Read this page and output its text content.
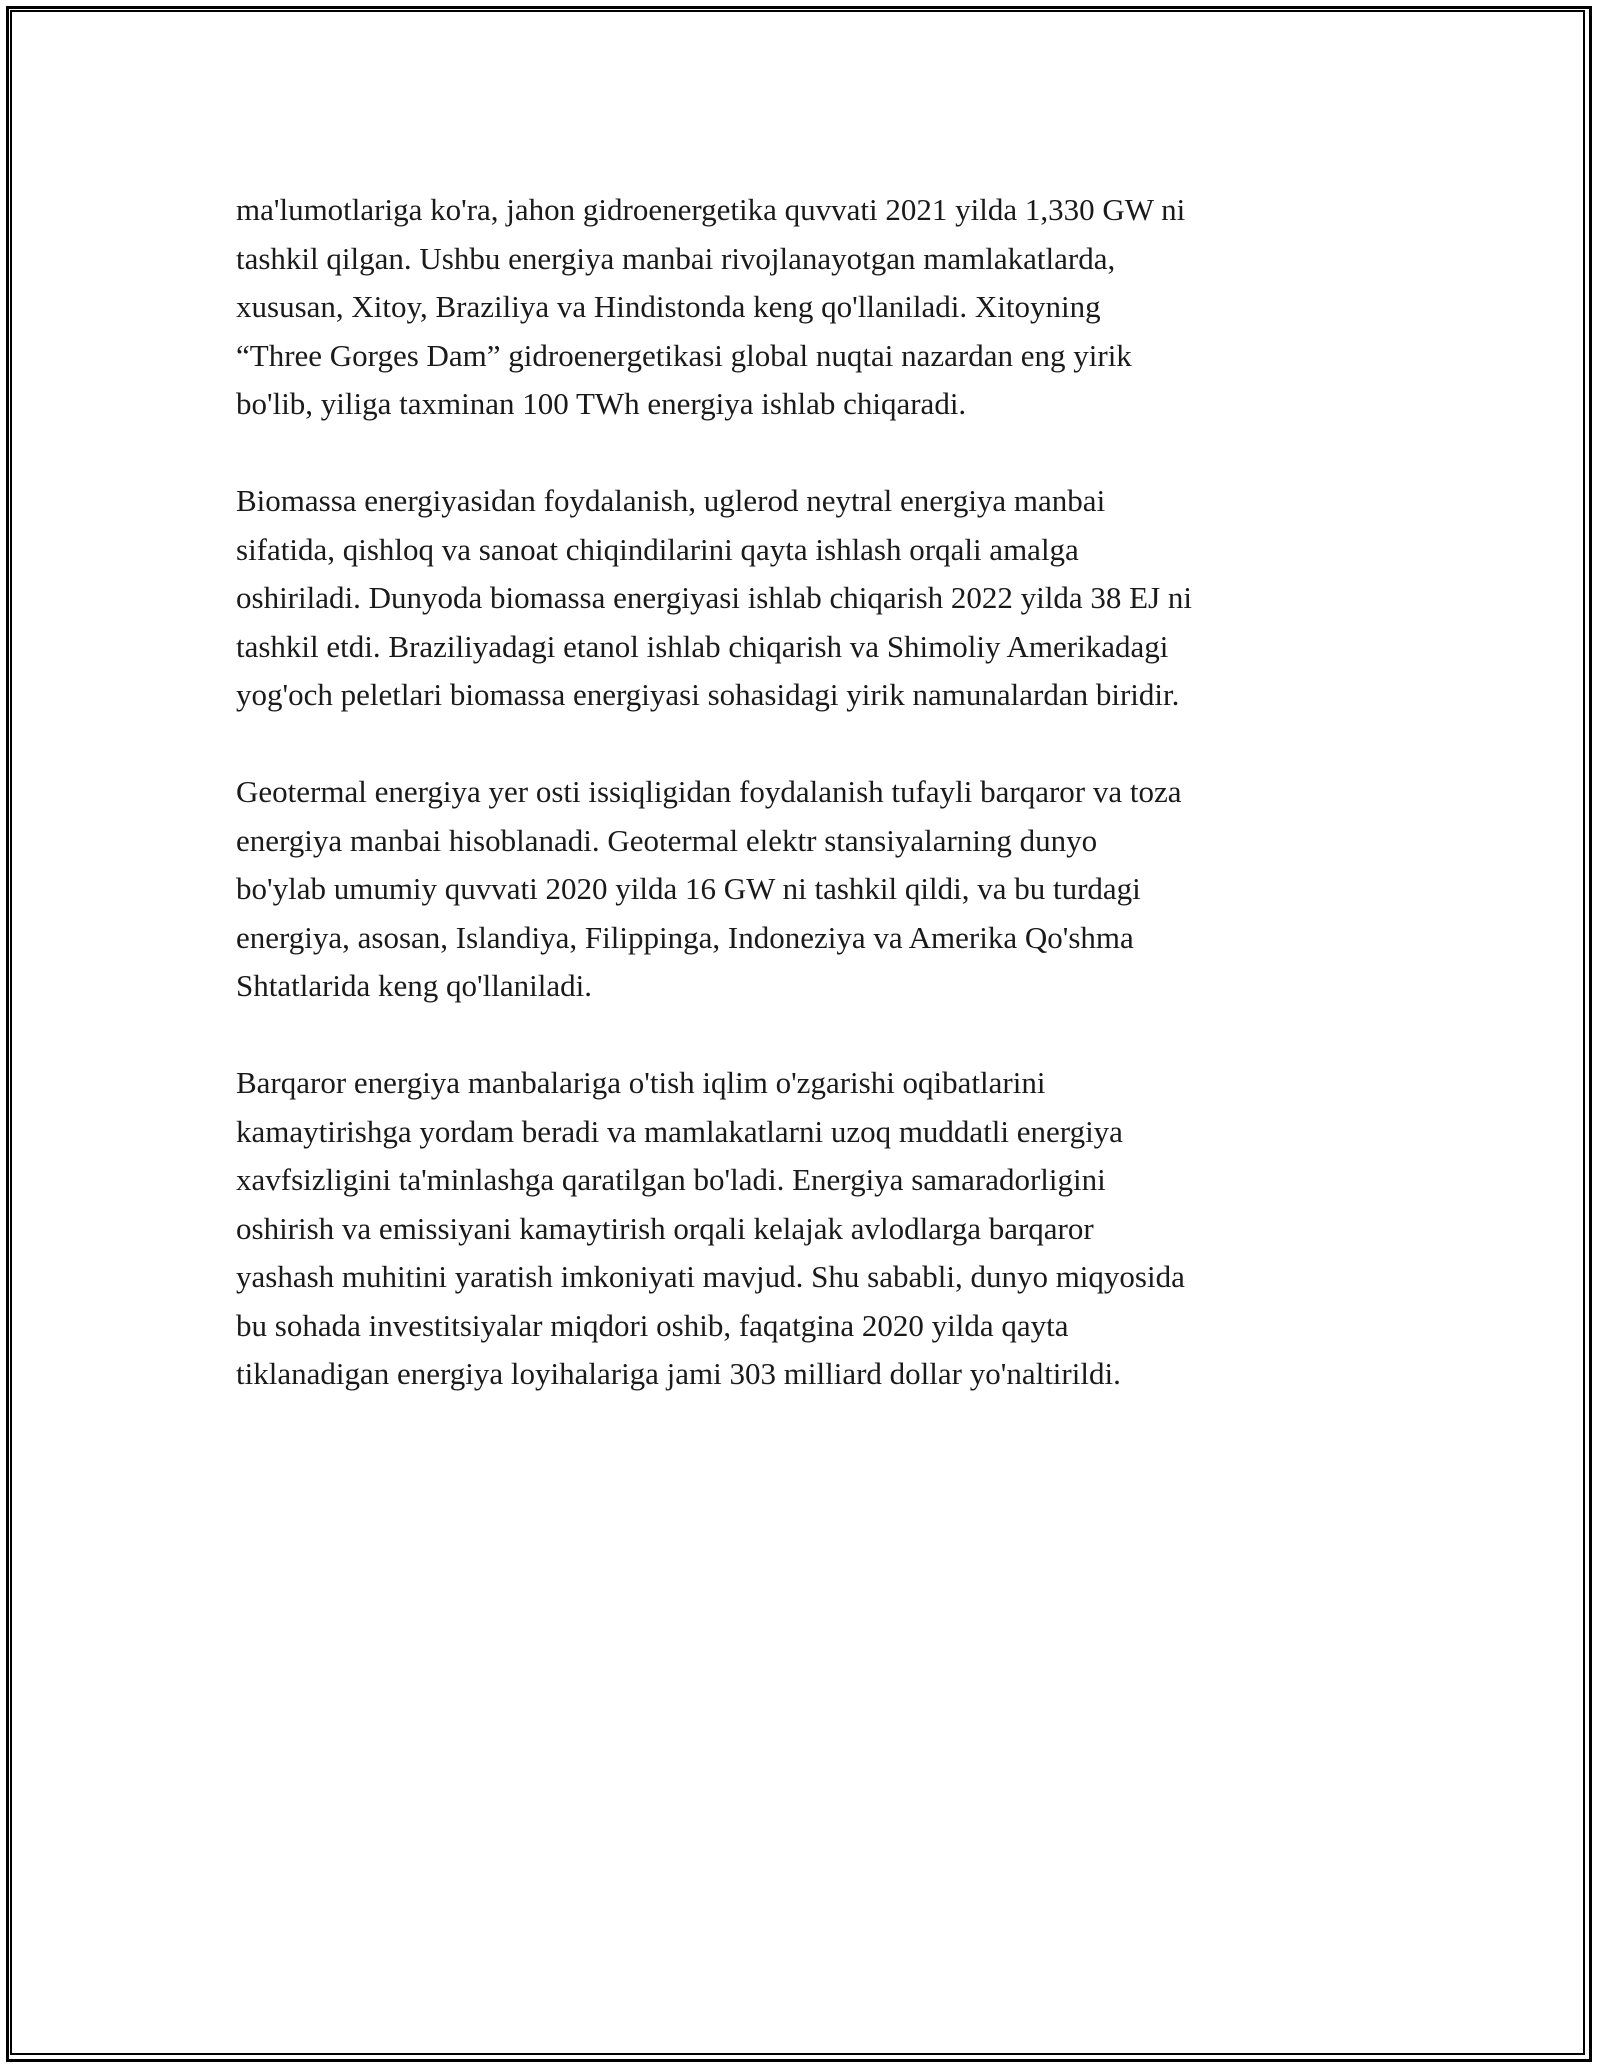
ma'lumotlariga ko'ra, jahon gidroenergetika quvvati 2021 yilda 1,330 GW ni
tashkil qilgan. Ushbu energiya manbai rivojlanayotgan mamlakatlarda,
xususan, Xitoy, Braziliya va Hindistonda keng qo'llaniladi. Xitoyning
“Three Gorges Dam” gidroenergetikasi global nuqtai nazardan eng yirik
bo'lib, yiliga taxminan 100 TWh energiya ishlab chiqaradi.

Biomassa energiyasidan foydalanish, uglerod neytral energiya manbai
sifatida, qishloq va sanoat chiqindilarini qayta ishlash orqali amalga
oshiriladi. Dunyoda biomassa energiyasi ishlab chiqarish 2022 yilda 38 EJ ni
tashkil etdi. Braziliyadagi etanol ishlab chiqarish va Shimoliy Amerikadagi
yog'och peletlari biomassa energiyasi sohasidagi yirik namunalardan biridir.

Geotermal energiya yer osti issiqligidan foydalanish tufayli barqaror va toza
energiya manbai hisoblanadi. Geotermal elektr stansiyalarning dunyo
bo'ylab umumiy quvvati 2020 yilda 16 GW ni tashkil qildi, va bu turdagi
energiya, asosan, Islandiya, Filippinga, Indoneziya va Amerika Qo'shma
Shtatlarida keng qo'llaniladi.

Barqaror energiya manbalariga o'tish iqlim o'zgarishi oqibatlarini
kamaytirishga yordam beradi va mamlakatlarni uzoq muddatli energiya
xavfsizligini ta'minlashga qaratilgan bo'ladi. Energiya samaradorligini
oshirish va emissiyani kamaytirish orqali kelajak avlodlarga barqaror
yashash muhitini yaratish imkoniyati mavjud. Shu sababli, dunyo miqyosida
bu sohada investitsiyalar miqdori oshib, faqatgina 2020 yilda qayta
tiklanadigan energiya loyihalariga jami 303 milliard dollar yo'naltirildi.
